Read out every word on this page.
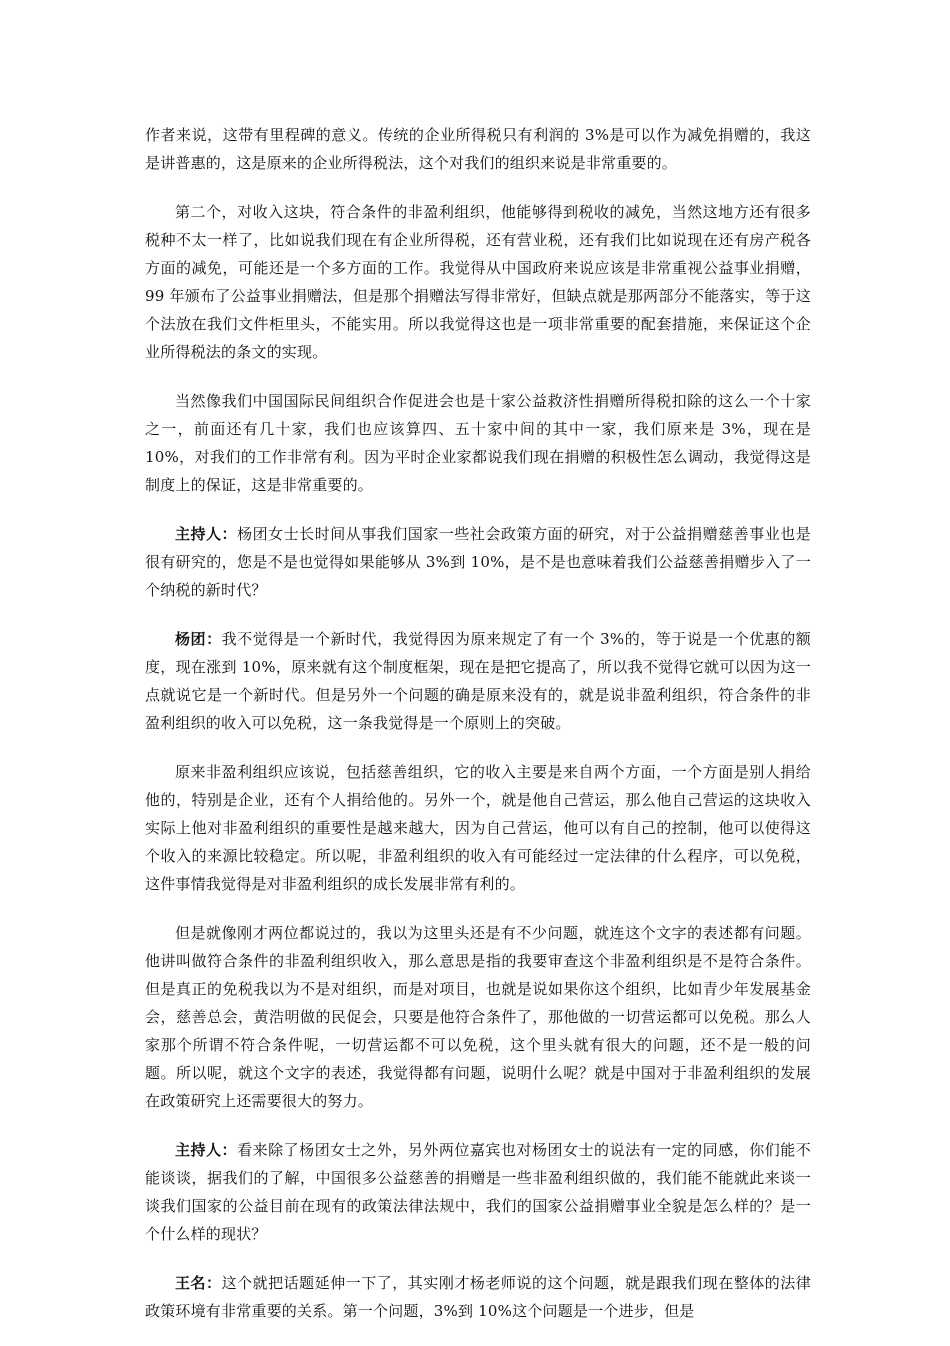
作者来说，这带有里程碑的意义。传统的企业所得税只有利润的 3%是可以作为减免捐赠的，我这是讲普惠的，这是原来的企业所得税法，这个对我们的组织来说是非常重要的。

第二个，对收入这块，符合条件的非盈利组织，他能够得到税收的减免，当然这地方还有很多税种不太一样了，比如说我们现在有企业所得税，还有营业税，还有我们比如说现在还有房产税各方面的减免，可能还是一个多方面的工作。我觉得从中国政府来说应该是非常重视公益事业捐赠，99 年颁布了公益事业捐赠法，但是那个捐赠法写得非常好，但缺点就是那两部分不能落实，等于这个法放在我们文件柜里头，不能实用。所以我觉得这也是一项非常重要的配套措施，来保证这个企业所得税法的条文的实现。

当然像我们中国国际民间组织合作促进会也是十家公益救济性捐赠所得税扣除的这么一个十家之一，前面还有几十家，我们也应该算四、五十家中间的其中一家，我们原来是 3%，现在是 10%，对我们的工作非常有利。因为平时企业家都说我们现在捐赠的积极性怎么调动，我觉得这是制度上的保证，这是非常重要的。

主持人：杨团女士长时间从事我们国家一些社会政策方面的研究，对于公益捐赠慈善事业也是很有研究的，您是不是也觉得如果能够从 3%到 10%，是不是也意味着我们公益慈善捐赠步入了一个纳税的新时代？

杨团：我不觉得是一个新时代，我觉得因为原来规定了有一个 3%的，等于说是一个优惠的额度，现在涨到 10%，原来就有这个制度框架，现在是把它提高了，所以我不觉得它就可以因为这一点就说它是一个新时代。但是另外一个问题的确是原来没有的，就是说非盈利组织，符合条件的非盈利组织的收入可以免税，这一条我觉得是一个原则上的突破。

原来非盈利组织应该说，包括慈善组织，它的收入主要是来自两个方面，一个方面是别人捐给他的，特别是企业，还有个人捐给他的。另外一个，就是他自己营运，那么他自己营运的这块收入实际上他对非盈利组织的重要性是越来越大，因为自己营运，他可以有自己的控制，他可以使得这个收入的来源比较稳定。所以呢，非盈利组织的收入有可能经过一定法律的什么程序，可以免税，这件事情我觉得是对非盈利组织的成长发展非常有利的。

但是就像刚才两位都说过的，我以为这里头还是有不少问题，就连这个文字的表述都有问题。他讲叫做符合条件的非盈利组织收入，那么意思是指的我要审查这个非盈利组织是不是符合条件。但是真正的免税我以为不是对组织，而是对项目，也就是说如果你这个组织，比如青少年发展基金会，慈善总会，黄浩明做的民促会，只要是他符合条件了，那他做的一切营运都可以免税。那么人家那个所谓不符合条件呢，一切营运都不可以免税，这个里头就有很大的问题，还不是一般的问题。所以呢，就这个文字的表述，我觉得都有问题，说明什么呢？就是中国对于非盈利组织的发展在政策研究上还需要很大的努力。

主持人：看来除了杨团女士之外，另外两位嘉宾也对杨团女士的说法有一定的同感，你们能不能谈谈，据我们的了解，中国很多公益慈善的捐赠是一些非盈利组织做的，我们能不能就此来谈一谈我们国家的公益目前在现有的政策法律法规中，我们的国家公益捐赠事业全貌是怎么样的？是一个什么样的现状？

王名：这个就把话题延伸一下了，其实刚才杨老师说的这个问题，就是跟我们现在整体的法律政策环境有非常重要的关系。第一个问题，3%到 10%这个问题是一个进步，但是
